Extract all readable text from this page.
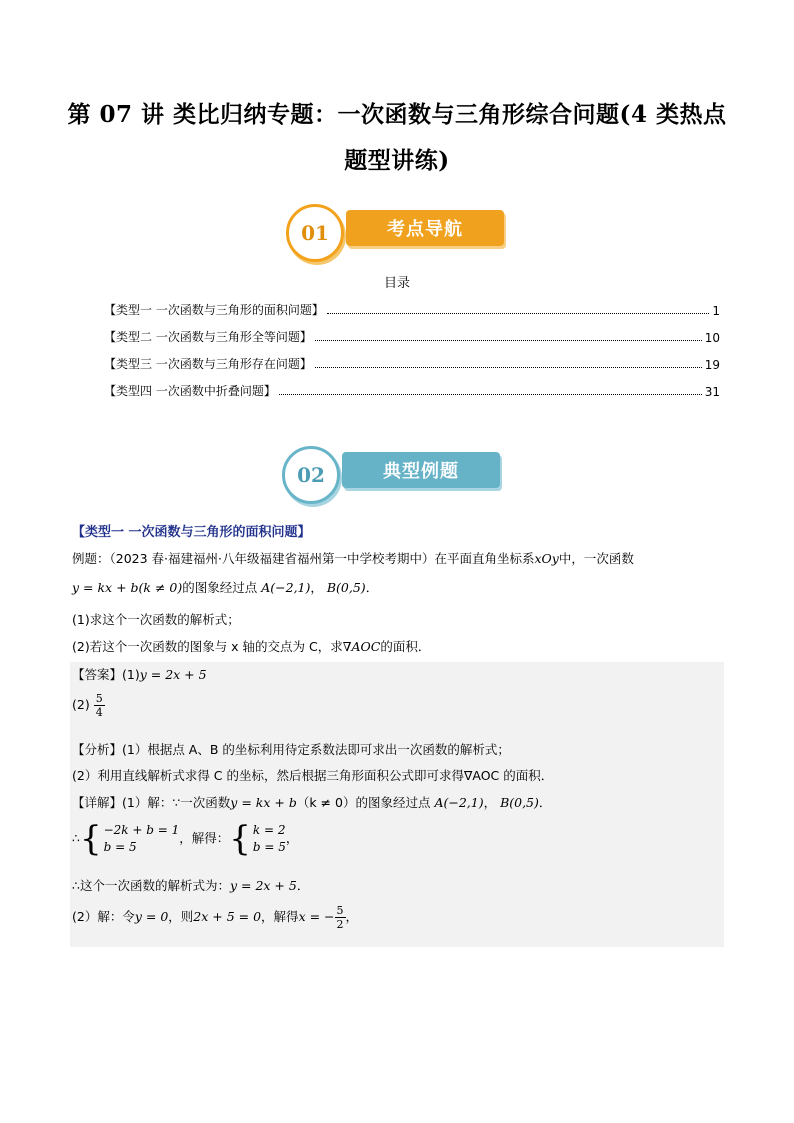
第 07 讲 类比归纳专题：一次函数与三角形综合问题(4 类热点
题型讲练)
01	考点导航
目录
【类型一 一次函数与三角形的面积问题】	1
【类型二 一次函数与三角形全等问题】	10
【类型三 一次函数与三角形存在问题】	19
【类型四 一次函数中折叠问题】	31
02	典型例题
【类型一 一次函数与三角形的面积问题】
例题：（2023 春·福建福州·八年级福建省福州第一中学校考期中）在平面直角坐标系xOy中，一次函数
y = kx + b(k ≠ 0)的图象经过点 A(−2,1)， B(0,5)．
(1)求这个一次函数的解析式；
(2)若这个一次函数的图象与 x 轴的交点为 C，求∇AOC的面积．
【答案】(1)y = 2x + 5
$(2) \frac{5}{4}$
【分析】(1）根据点 A、B 的坐标利用待定系数法即可求出一次函数的解析式；
(2）利用直线解析式求得 C 的坐标，然后根据三角形面积公式即可求得∇AOC 的面积．
【详解】(1）解：∵一次函数y = kx + b（k ≠ 0）的图象经过点 A(−2,1)， B(0,5)．
∴ { −2k + b = 1
b = 5
，解得： { k = 2
b = 5
，
∴这个一次函数的解析式为：y = 2x + 5．
(2）解：令y = 0，则2x + 5 = 0，解得x = − $\frac{5}{2}$ ，
